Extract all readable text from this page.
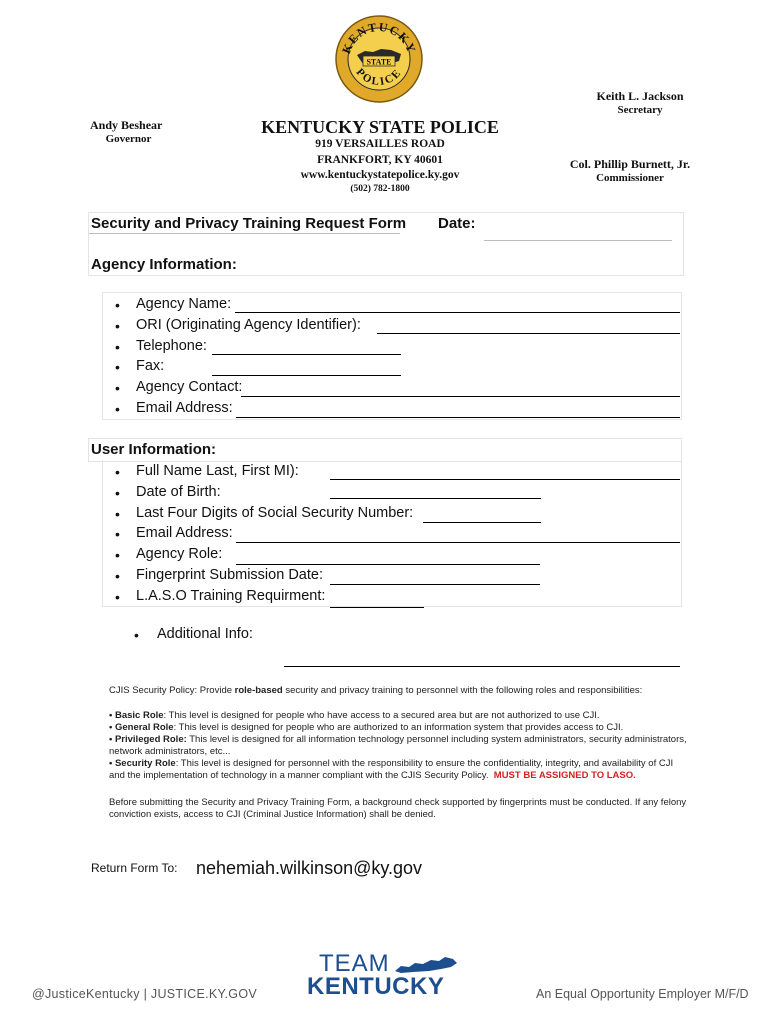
KENTUCKY
STATE
POLICE
Keith L. Jackson
Secretary
Andy Beshear
Governor
KENTUCKY STATE POLICE
919 VERSAILLES ROAD
FRANKFORT, KY 40601
www.kentuckystatepolice.ky.gov
(502) 782-1800
Col. Phillip Burnett, Jr.
Commissioner
Security and Privacy Training Request Form Date:
Agency Information:
• Agency Name:
• ORI (Originating Agency Identifier):
• Telephone:
• Fax:
• Agency Contact:
• Email Address:
User Information:
• Full Name Last, First MI):
• Date of Birth:
• Last Four Digits of Social Security Number:
• Email Address:
• Agency Role:
• Fingerprint Submission Date:
• L.A.S.O Training Requirment:
• Additional Info:
CJIS Security Policy: Provide role-based security and privacy training to personnel with the following roles and responsibilities:
• Basic Role: This level is designed for people who have access to a secured area but are not authorized to use CJI.
• General Role: This level is designed for people who are authorized to an information system that provides access to CJI.
• Privileged Role: This level is designed for all information technology personnel including system administrators, security administrators, network administrators, etc...
• Security Role: This level is designed for personnel with the responsibility to ensure the confidentiality, integrity, and availability of CJI and the implementation of technology in a manner compliant with the CJIS Security Policy. MUST BE ASSIGNED TO LASO.
Before submitting the Security and Privacy Training Form, a background check supported by fingerprints must be conducted. If any felony conviction exists, access to CJI (Criminal Justice Information) shall be denied.
Return Form To: nehemiah.wilkinson@ky.gov
@JusticeKentucky | JUSTICE.KY.GOV
TEAM
KENTUCKY	An Equal Opportunity Employer M/F/D
